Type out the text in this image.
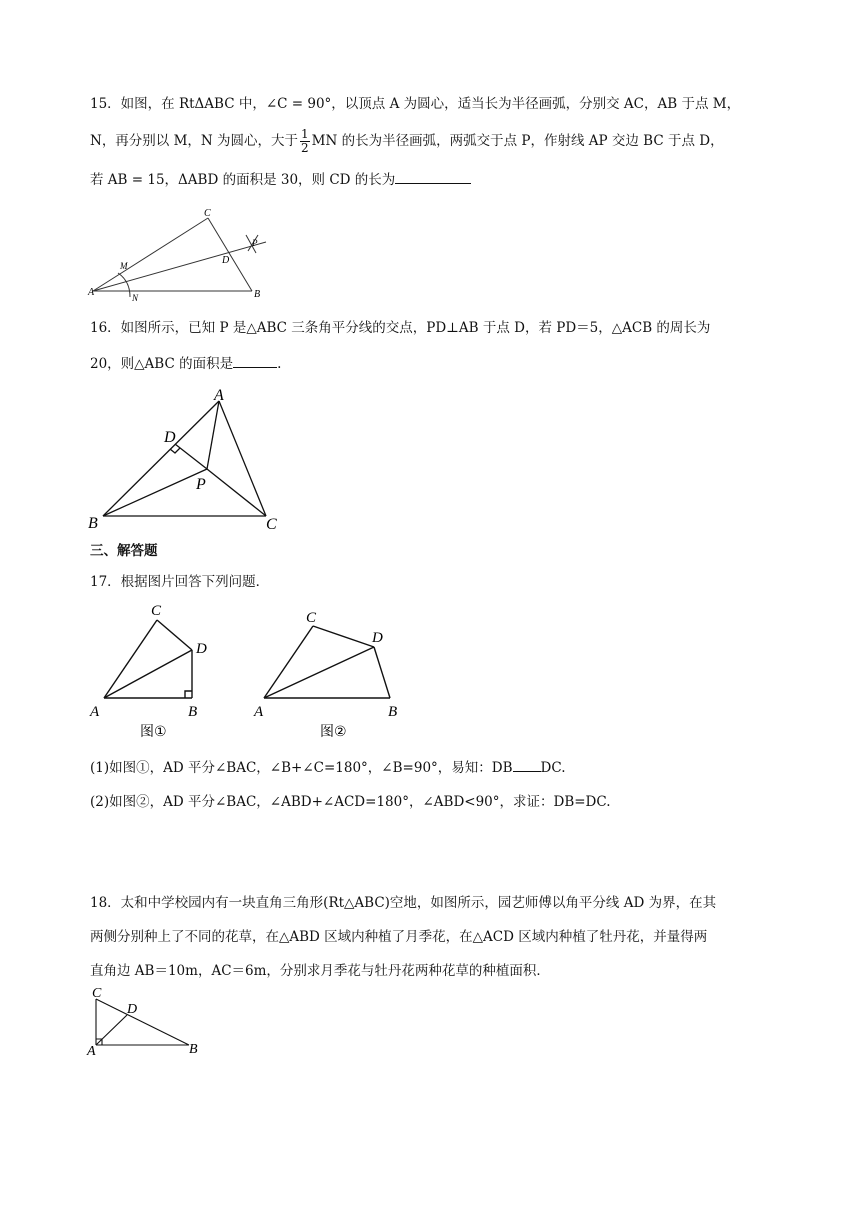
15．如图，在 RtΔABC 中，∠C = 90°，以顶点 A 为圆心，适当长为半径画弧，分别交 AC，AB 于点 M，
N，再分别以 M，N 为圆心，大于 $\frac{1}{2}$ MN 的长为半径画弧，两弧交于点 P，作射线 AP 交边 BC 于点 D，
若 AB = 15，ΔABD 的面积是 30，则 CD 的长为
C
B
A
D
M
N
P
16．如图所示，已知 P 是△ABC 三条角平分线的交点，PD⊥AB 于点 D，若 PD＝5，△ACB 的周长为
20，则△ABC 的面积是	.
A
B	C
D
P
三、解答题
17．根据图片回答下列问题．
C
D
A	B
图①
C
D
A	B
图②
(1)如图①，AD 平分∠BAC，∠B+∠C=180°，∠B=90°，易知：DB DC.
(2)如图②，AD 平分∠BAC，∠ABD+∠ACD=180°，∠ABD<90°，求证：DB=DC.
18．太和中学校园内有一块直角三角形(Rt△ABC)空地，如图所示，园艺师傅以角平分线 AD 为界，在其
两侧分别种上了不同的花草，在△ABD 区域内种植了月季花，在△ACD 区域内种植了牡丹花，并量得两
直角边 AB＝10m，AC＝6m，分别求月季花与牡丹花两种花草的种植面积．
C
D
A	B
